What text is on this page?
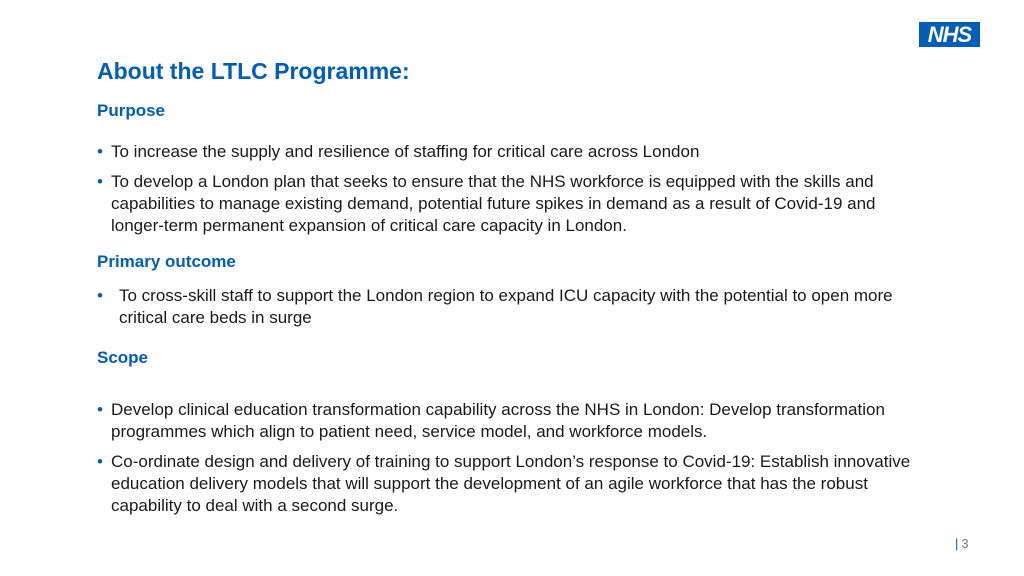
NHS
About the LTLC Programme:
Purpose
• To increase the supply and resilience of staffing for critical care across London
• To develop a London plan that seeks to ensure that the NHS workforce is equipped with the skills and capabilities to manage existing demand, potential future spikes in demand as a result of Covid-19 and longer-term permanent expansion of critical care capacity in London.
Primary outcome
• To cross-skill staff to support the London region to expand ICU capacity with the potential to open more critical care beds in surge
Scope
• Develop clinical education transformation capability across the NHS in London: Develop transformation programmes which align to patient need, service model, and workforce models.
• Co-ordinate design and delivery of training to support London’s response to Covid-19: Establish innovative education delivery models that will support the development of an agile workforce that has the robust capability to deal with a second surge.
| 3
